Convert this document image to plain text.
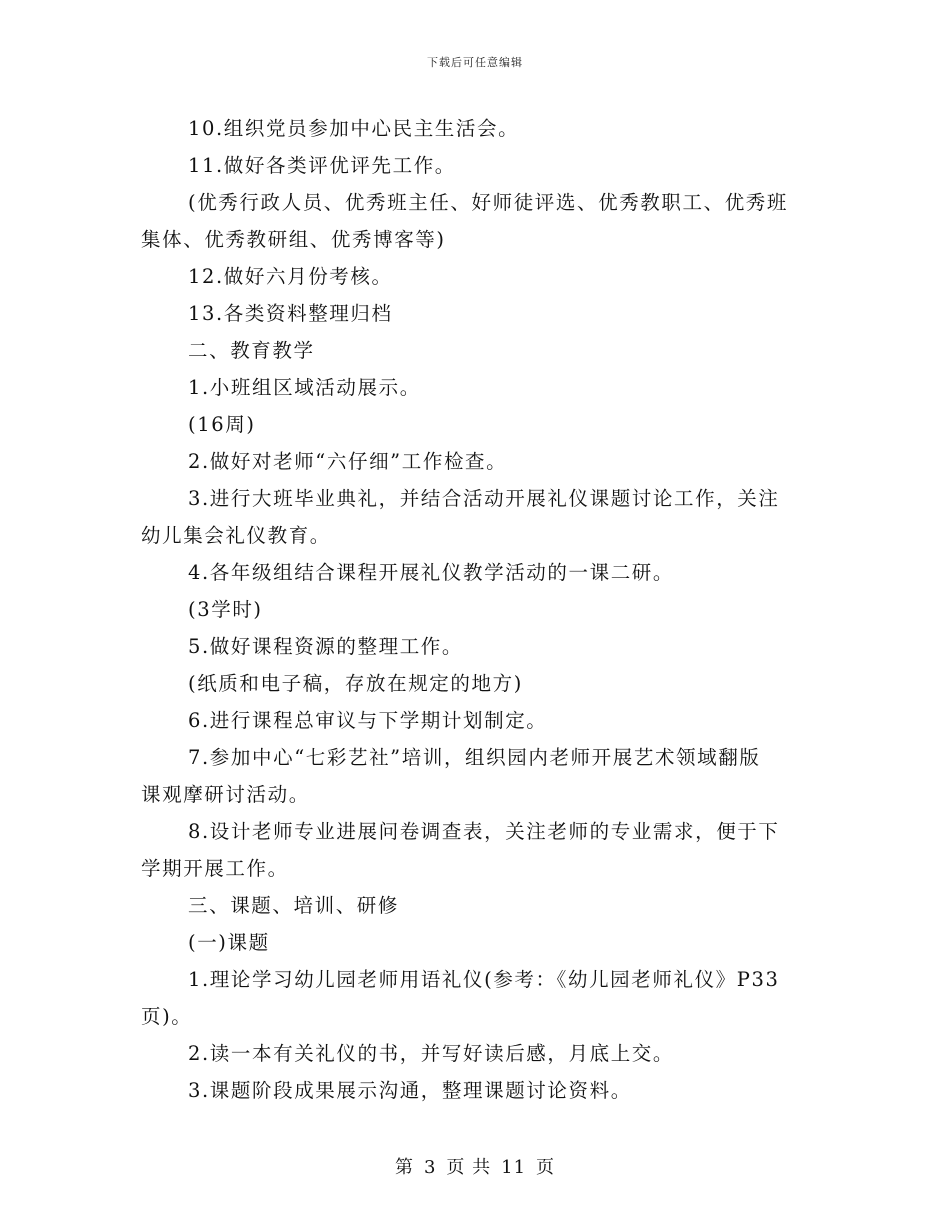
下载后可任意编辑

10.组织党员参加中心民主生活会。

11.做好各类评优评先工作。

(优秀行政人员、优秀班主任、好师徒评选、优秀教职工、优秀班

集体、优秀教研组、优秀博客等)

12.做好六月份考核。

13.各类资料整理归档

二、教育教学

1.小班组区域活动展示。

(16周)

2.做好对老师“六仔细”工作检查。

3.进行大班毕业典礼，并结合活动开展礼仪课题讨论工作，关注

幼儿集会礼仪教育。

4.各年级组结合课程开展礼仪教学活动的一课二研。

(3学时)

5.做好课程资源的整理工作。

(纸质和电子稿，存放在规定的地方)

6.进行课程总审议与下学期计划制定。

7.参加中心“七彩艺社”培训，组织园内老师开展艺术领域翻版

课观摩研讨活动。

8.设计老师专业进展问卷调查表，关注老师的专业需求，便于下

学期开展工作。

三、课题、培训、研修

(一)课题

1.理论学习幼儿园老师用语礼仪(参考：《幼儿园老师礼仪》P33

页)。

2.读一本有关礼仪的书，并写好读后感，月底上交。

3.课题阶段成果展示沟通，整理课题讨论资料。

第 3 页 共 11 页
